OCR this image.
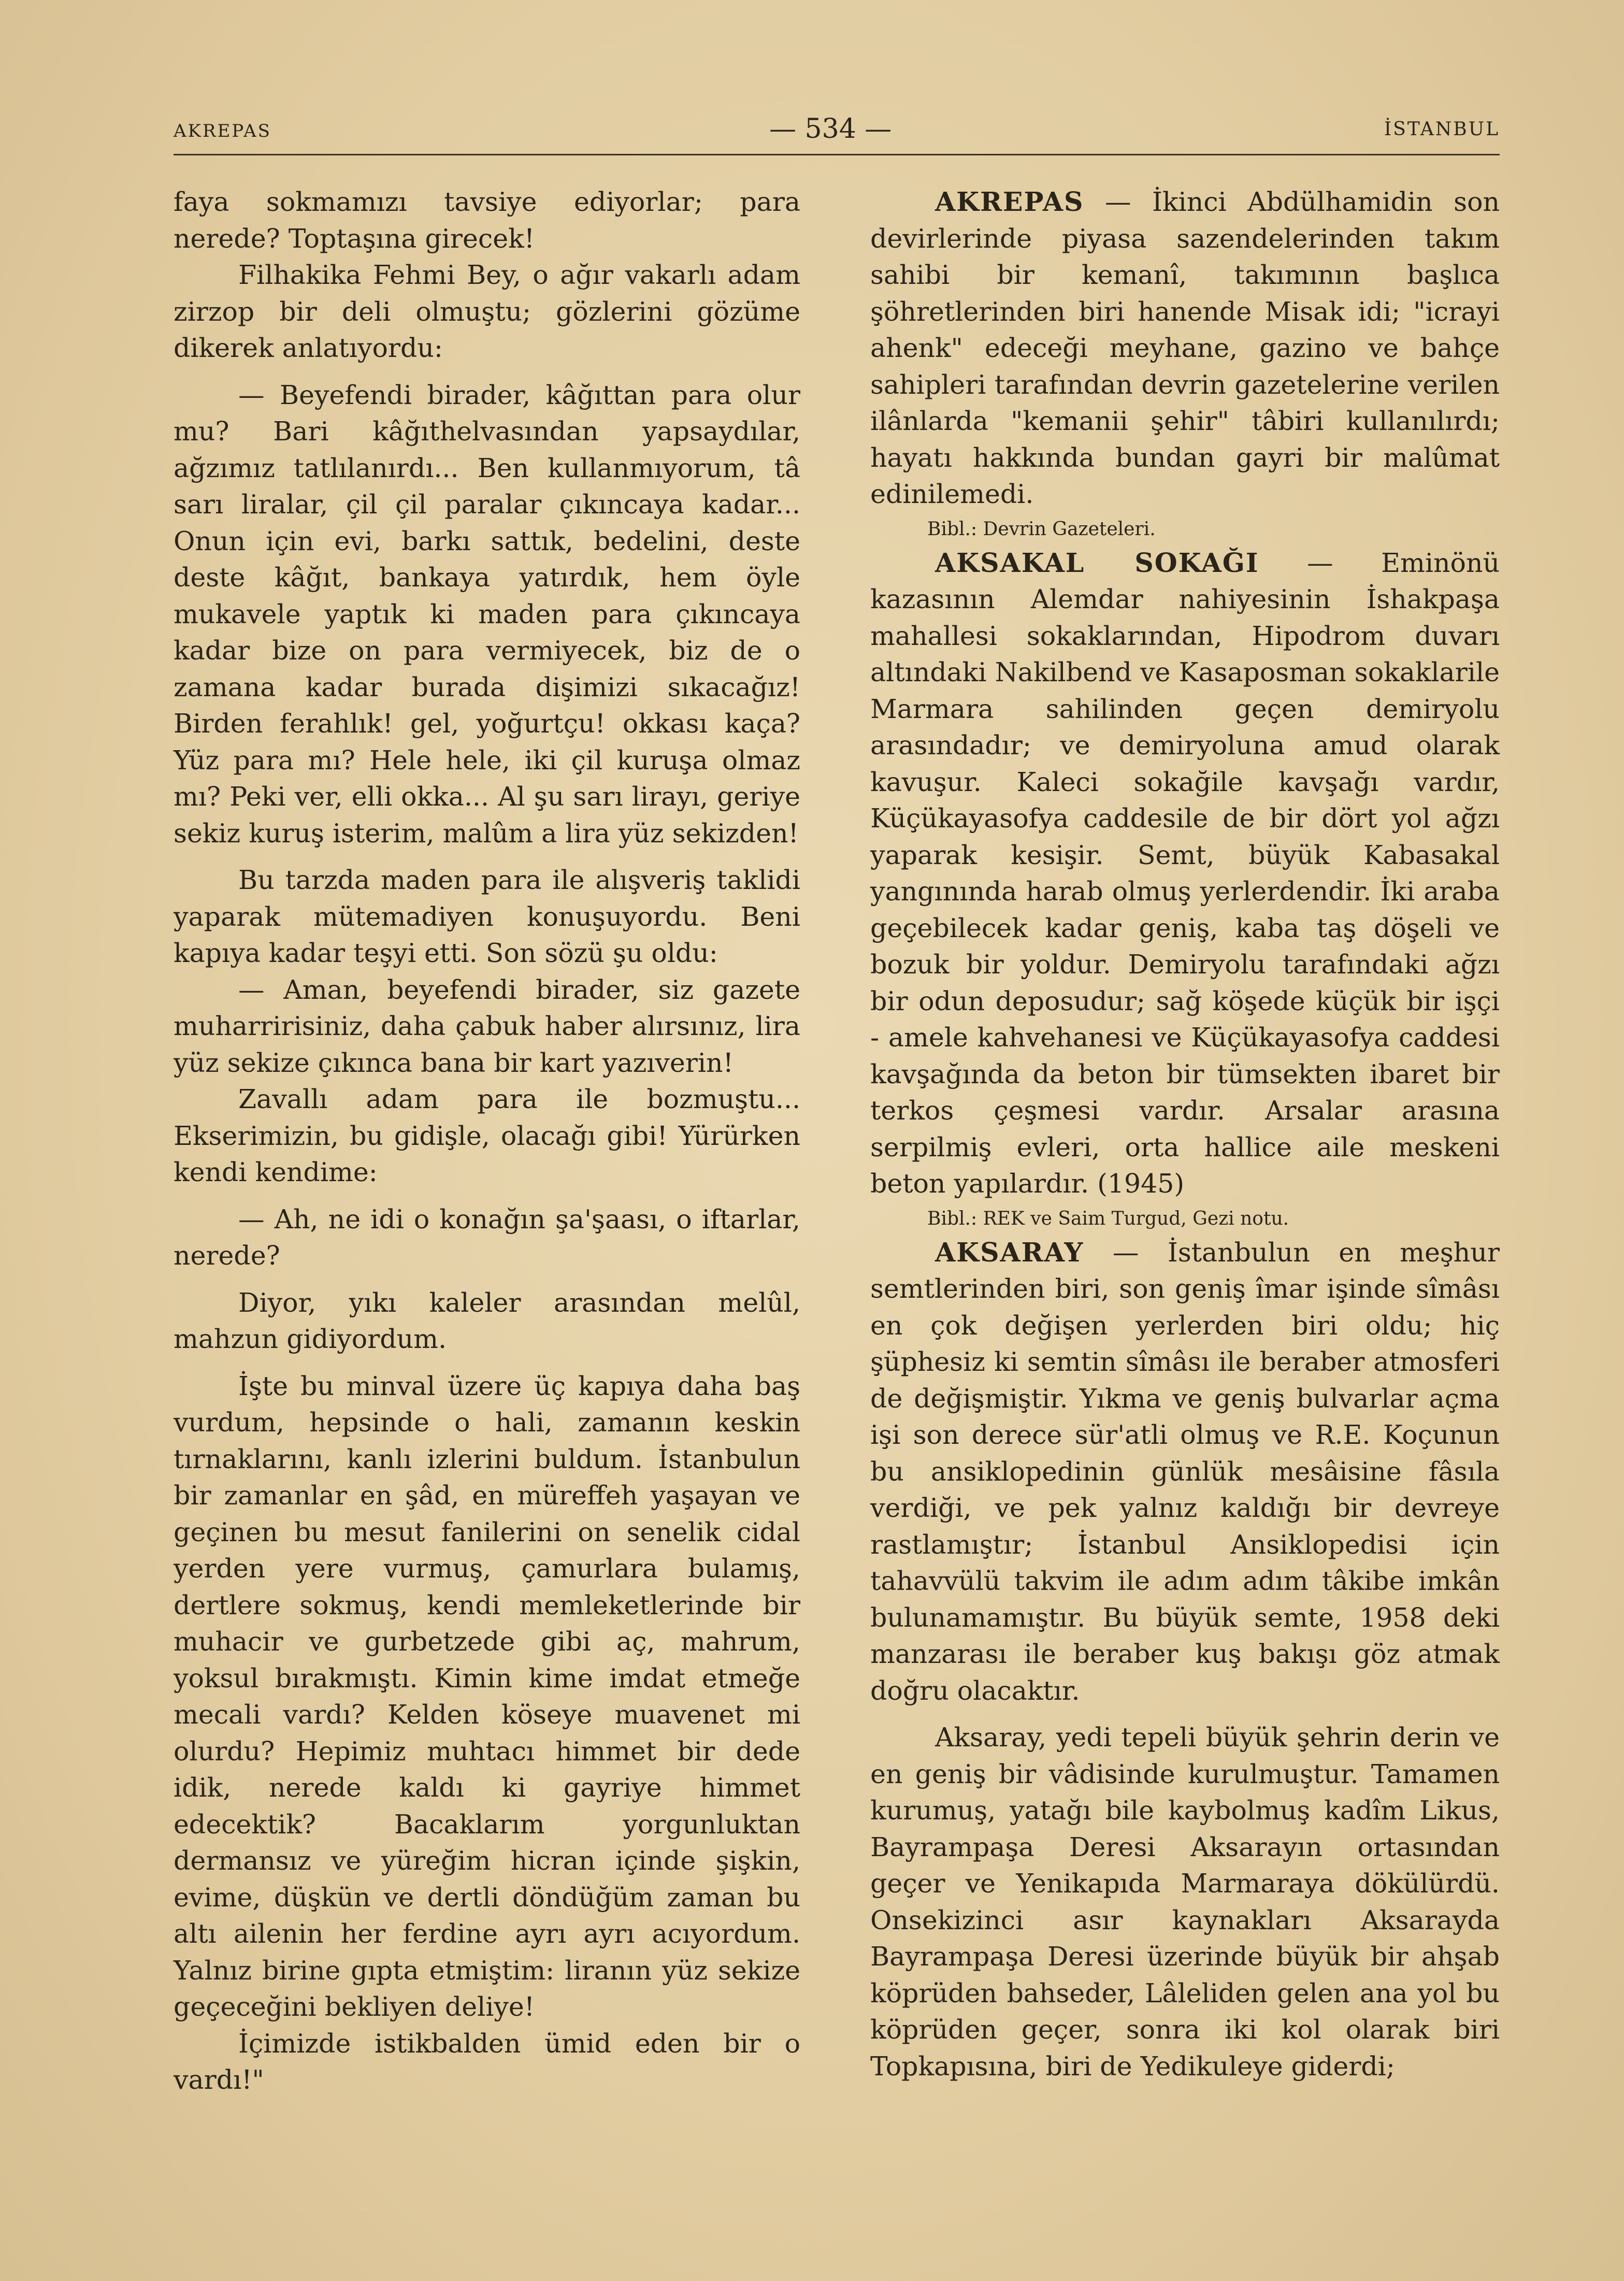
AKREPAS	— 534 —	İSTANBUL

faya sokmamızı tavsiye ediyorlar; para nerede? Toptaşına girecek!

Filhakika Fehmi Bey, o ağır vakarlı adam zirzop bir deli olmuştu; gözlerini gözüme dikerek anlatıyordu:

— Beyefendi birader, kâğıttan para olur mu? Bari kâğıthelvasından yapsaydılar, ağzımız tatlılanırdı... Ben kullanmıyorum, tâ sarı liralar, çil çil paralar çıkıncaya kadar... Onun için evi, barkı sattık, bedelini, deste deste kâğıt, bankaya yatırdık, hem öyle mukavele yaptık ki maden para çıkıncaya kadar bize on para vermiyecek, biz de o zamana kadar burada dişimizi sıkacağız! Birden ferahlık! gel, yoğurtçu! okkası kaça? Yüz para mı? Hele hele, iki çil kuruşa olmaz mı? Peki ver, elli okka... Al şu sarı lirayı, geriye sekiz kuruş isterim, malûm a lira yüz sekizden!

Bu tarzda maden para ile alışveriş taklidi yaparak mütemadiyen konuşuyordu. Beni kapıya kadar teşyi etti. Son sözü şu oldu:

— Aman, beyefendi birader, siz gazete muharririsiniz, daha çabuk haber alırsınız, lira yüz sekize çıkınca bana bir kart yazıverin!

Zavallı adam para ile bozmuştu... Ekserimizin, bu gidişle, olacağı gibi! Yürürken kendi kendime:

— Ah, ne idi o konağın şa'şaası, o iftarlar, nerede?

Diyor, yıkı kaleler arasından melûl, mahzun gidiyordum.

İşte bu minval üzere üç kapıya daha baş vurdum, hepsinde o hali, zamanın keskin tırnaklarını, kanlı izlerini buldum. İstanbulun bir zamanlar en şâd, en müreffeh yaşayan ve geçinen bu mesut fanilerini on senelik cidal yerden yere vurmuş, çamurlara bulamış, dertlere sokmuş, kendi memleketlerinde bir muhacir ve gurbetzede gibi aç, mahrum, yoksul bırakmıştı. Kimin kime imdat etmeğe mecali vardı? Kelden köseye muavenet mi olurdu? Hepimiz muhtacı himmet bir dede idik, nerede kaldı ki gayriye himmet edecektik? Bacaklarım yorgunluktan dermansız ve yüreğim hicran içinde şişkin, evime, düşkün ve dertli döndüğüm zaman bu altı ailenin her ferdine ayrı ayrı acıyordum. Yalnız birine gıpta etmiştim: liranın yüz sekize geçeceğini bekliyen deliye!

İçimizde istikbalden ümid eden bir o vardı!"

AKREPAS — İkinci Abdülhamidin son devirlerinde piyasa sazendelerinden takım sahibi bir kemanî, takımının başlıca şöhretlerinden biri hanende Misak idi; "icrayi ahenk" edeceği meyhane, gazino ve bahçe sahipleri tarafından devrin gazetelerine verilen ilânlarda "kemanii şehir" tâbiri kullanılırdı; hayatı hakkında bundan gayri bir malûmat edinilemedi.

Bibl.: Devrin Gazeteleri.

AKSAKAL SOKAĞI — Eminönü kazasının Alemdar nahiyesinin İshakpaşa mahallesi sokaklarından, Hipodrom duvarı altındaki Nakilbend ve Kasaposman sokaklarile Marmara sahilinden geçen demiryolu arasındadır; ve demiryoluna amud olarak kavuşur. Kaleci sokağile kavşağı vardır, Küçükayasofya caddesile de bir dört yol ağzı yaparak kesişir. Semt, büyük Kabasakal yangınında harab olmuş yerlerdendir. İki araba geçebilecek kadar geniş, kaba taş döşeli ve bozuk bir yoldur. Demiryolu tarafındaki ağzı bir odun deposudur; sağ köşede küçük bir işçi - amele kahvehanesi ve Küçükayasofya caddesi kavşağında da beton bir tümsekten ibaret bir terkos çeşmesi vardır. Arsalar arasına serpilmiş evleri, orta hallice aile meskeni beton yapılardır. (1945)

Bibl.: REK ve Saim Turgud, Gezi notu.

AKSARAY — İstanbulun en meşhur semtlerinden biri, son geniş îmar işinde sîmâsı en çok değişen yerlerden biri oldu; hiç şüphesiz ki semtin sîmâsı ile beraber atmosferi de değişmiştir. Yıkma ve geniş bulvarlar açma işi son derece sür'atli olmuş ve R.E. Koçunun bu ansiklopedinin günlük mesâisine fâsıla verdiği, ve pek yalnız kaldığı bir devreye rastlamıştır; İstanbul Ansiklopedisi için tahavvülü takvim ile adım adım tâkibe imkân bulunamamıştır. Bu büyük semte, 1958 deki manzarası ile beraber kuş bakışı göz atmak doğru olacaktır.

Aksaray, yedi tepeli büyük şehrin derin ve en geniş bir vâdisinde kurulmuştur. Tamamen kurumuş, yatağı bile kaybolmuş kadîm Likus, Bayrampaşa Deresi Aksarayın ortasından geçer ve Yenikapıda Marmaraya dökülürdü. Onsekizinci asır kaynakları Aksarayda Bayrampaşa Deresi üzerinde büyük bir ahşab köprüden bahseder, Lâleliden gelen ana yol bu köprüden geçer, sonra iki kol olarak biri Topkapısına, biri de Yedikuleye giderdi;
